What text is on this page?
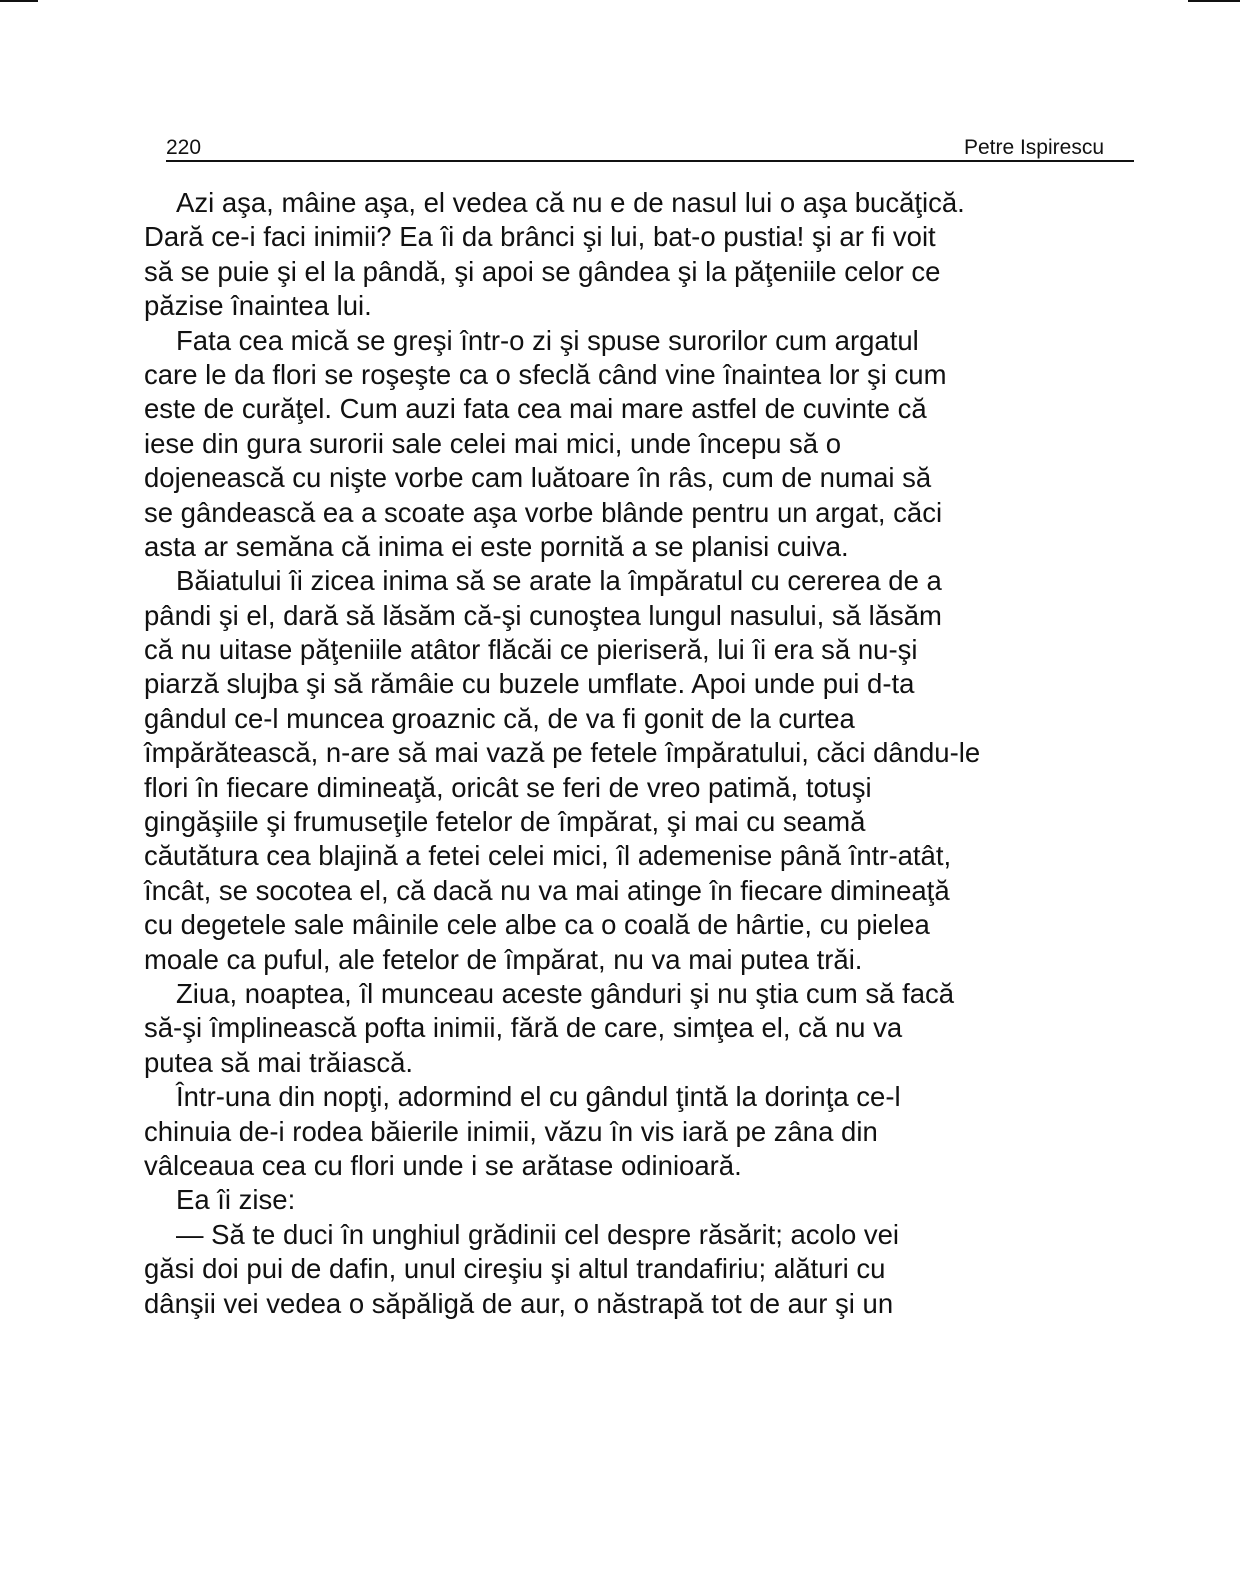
220	Petre Ispirescu
Azi aşa, mâine aşa, el vedea că nu e de nasul lui o aşa bucăţică.
Dară ce-i faci inimii? Ea îi da brânci şi lui, bat-o pustia! şi ar fi voit
să se puie şi el la pândă, şi apoi se gândea şi la păţeniile celor ce
păzise înaintea lui.
Fata cea mică se greşi într-o zi şi spuse surorilor cum argatul
care le da flori se roşeşte ca o sfeclă când vine înaintea lor şi cum
este de curăţel. Cum auzi fata cea mai mare astfel de cuvinte că
iese din gura surorii sale celei mai mici, unde începu să o
dojenească cu nişte vorbe cam luătoare în râs, cum de numai să
se gândească ea a scoate aşa vorbe blânde pentru un argat, căci
asta ar semăna că inima ei este pornită a se planisi cuiva.
Băiatului îi zicea inima să se arate la împăratul cu cererea de a
pândi şi el, dară să lăsăm că-şi cunoştea lungul nasului, să lăsăm
că nu uitase păţeniile atâtor flăcăi ce pieriseră, lui îi era să nu-şi
piarză slujba şi să rămâie cu buzele umflate. Apoi unde pui d-ta
gândul ce-l muncea groaznic că, de va fi gonit de la curtea
împărătească, n-are să mai vază pe fetele împăratului, căci dându-le
flori în fiecare dimineaţă, oricât se feri de vreo patimă, totuşi
gingăşiile şi frumuseţile fetelor de împărat, şi mai cu seamă
căutătura cea blajină a fetei celei mici, îl ademenise până într-atât,
încât, se socotea el, că dacă nu va mai atinge în fiecare dimineaţă
cu degetele sale mâinile cele albe ca o coală de hârtie, cu pielea
moale ca puful, ale fetelor de împărat, nu va mai putea trăi.
Ziua, noaptea, îl munceau aceste gânduri şi nu ştia cum să facă
să-şi împlinească pofta inimii, fără de care, simţea el, că nu va
putea să mai trăiască.
Într-una din nopţi, adormind el cu gândul ţintă la dorinţa ce-l
chinuia de-i rodea băierile inimii, văzu în vis iară pe zâna din
vâlceaua cea cu flori unde i se arătase odinioară.
Ea îi zise:
— Să te duci în unghiul grădinii cel despre răsărit; acolo vei
găsi doi pui de dafin, unul cireşiu şi altul trandafiriu; alături cu
dânşii vei vedea o săpăligă de aur, o năstrapă tot de aur şi un
